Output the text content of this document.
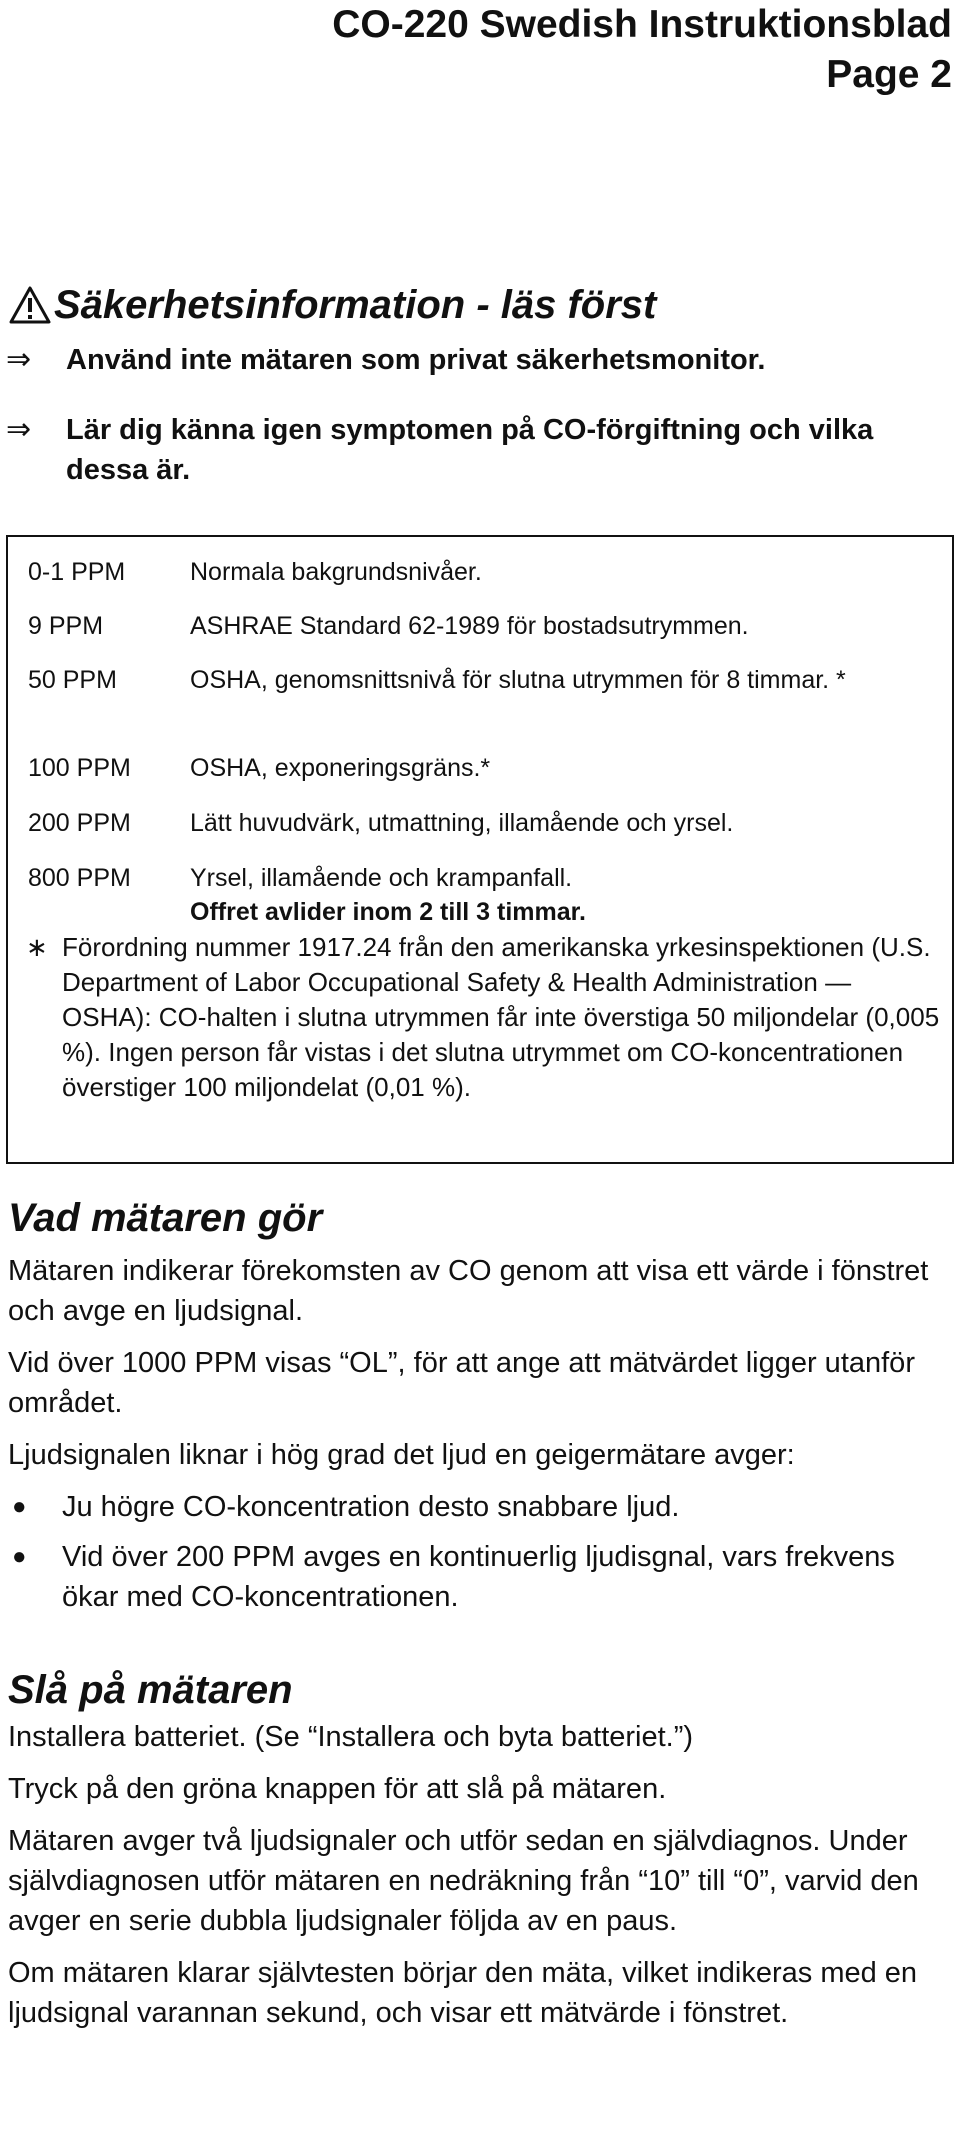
CO-220 Swedish Instruktionsblad
Page 2
Säkerhetsinformation - läs först
⇒	Använd inte mätaren som privat säkerhetsmonitor.
⇒	Lär dig känna igen symptomen på CO-förgiftning och vilka dessa är.
0-1 PPM	Normala bakgrundsnivåer.
9 PPM	ASHRAE Standard 62-1989 för bostadsutrymmen.
50 PPM	OSHA, genomsnittsnivå för slutna utrymmen för 8 timmar. *
100 PPM	OSHA, exponeringsgräns.*
200 PPM	Lätt huvudvärk, utmattning, illamående och yrsel.
800 PPM	Yrsel, illamående och krampanfall.
Offret avlider inom 2 till 3 timmar.
∗ Förordning nummer 1917.24 från den amerikanska yrkesinspektionen (U.S. Department of Labor Occupational Safety & Health Administration — OSHA): CO-halten i slutna utrymmen får inte överstiga 50 miljondelar (0,005 %). Ingen person får vistas i det slutna utrymmet om CO-koncentrationen överstiger 100 miljondelat (0,01 %).
Vad mätaren gör

Mätaren indikerar förekomsten av CO genom att visa ett värde i fönstret och avge en ljudsignal.

Vid över 1000 PPM visas “OL”, för att ange att mätvärdet ligger utanför området.

Ljudsignalen liknar i hög grad det ljud en geigermätare avger:

●	Ju högre CO-koncentration desto snabbare ljud.
●	Vid över 200 PPM avges en kontinuerlig ljudisgnal, vars frekvens ökar med CO-koncentrationen.
Slå på mätaren

Installera batteriet. (Se “Installera och byta batteriet.”)

Tryck på den gröna knappen för att slå på mätaren.

Mätaren avger två ljudsignaler och utför sedan en självdiagnos. Under självdiagnosen utför mätaren en nedräkning från “10” till “0”, varvid den avger en serie dubbla ljudsignaler följda av en paus.

Om mätaren klarar självtesten börjar den mäta, vilket indikeras med en ljudsignal varannan sekund, och visar ett mätvärde i fönstret.
